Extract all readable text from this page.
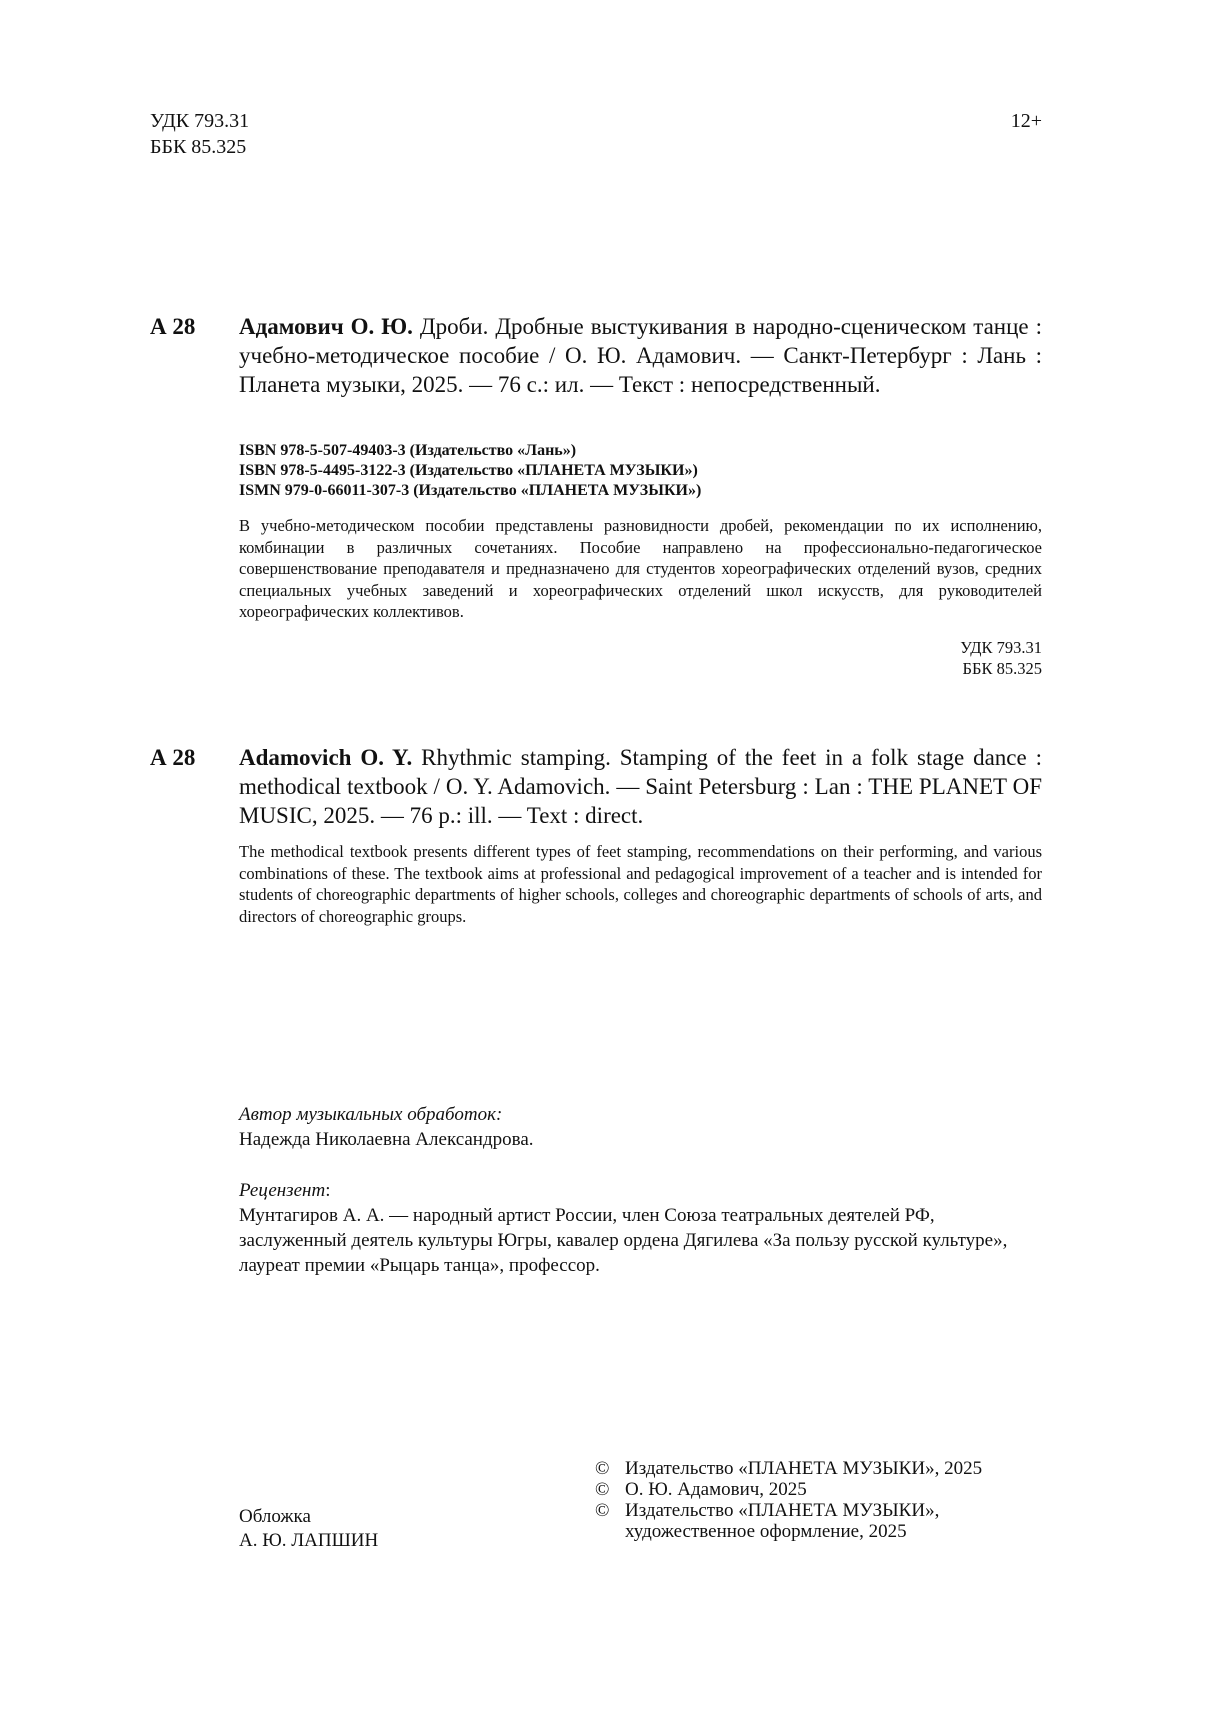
УДК 793.31
ББК 85.325
12+
А 28 Адамович О. Ю. Дроби. Дробные выстукивания в народно-сценическом танце : учебно-методическое пособие / О. Ю. Адамович. — Санкт-Петербург : Лань : Планета музыки, 2025. — 76 с.: ил. — Текст : непосредственный.
ISBN 978-5-507-49403-3 (Издательство «Лань»)
ISBN 978-5-4495-3122-3 (Издательство «ПЛАНЕТА МУЗЫКИ»)
ISMN 979-0-66011-307-3 (Издательство «ПЛАНЕТА МУЗЫКИ»)
В учебно-методическом пособии представлены разновидности дробей, рекомендации по их исполнению, комбинации в различных сочетаниях. Пособие направлено на профессионально-педагогическое совершенствование преподавателя и предназначено для студентов хореографических отделений вузов, средних специальных учебных заведений и хореографических отделений школ искусств, для руководителей хореографических коллективов.
УДК 793.31
ББК 85.325
А 28 Adamovich O. Y. Rhythmic stamping. Stamping of the feet in a folk stage dance : methodical textbook / O. Y. Adamovich. — Saint Petersburg : Lan : THE PLANET OF MUSIC, 2025. — 76 p.: ill. — Text : direct.
The methodical textbook presents different types of feet stamping, recommendations on their performing, and various combinations of these. The textbook aims at professional and pedagogical improvement of a teacher and is intended for students of choreographic departments of higher schools, colleges and choreographic departments of schools of arts, and directors of choreographic groups.
Автор музыкальных обработок:
Надежда Николаевна Александрова.
Рецензент:
Мунтагиров А. А. — народный артист России, член Союза театральных деятелей РФ, заслуженный деятель культуры Югры, кавалер ордена Дягилева «За пользу русской культуре», лауреат премии «Рыцарь танца», профессор.
Обложка
А. Ю. ЛАПШИН
© Издательство «ПЛАНЕТА МУЗЫКИ», 2025
© О. Ю. Адамович, 2025
© Издательство «ПЛАНЕТА МУЗЫКИ»,
художественное оформление, 2025
